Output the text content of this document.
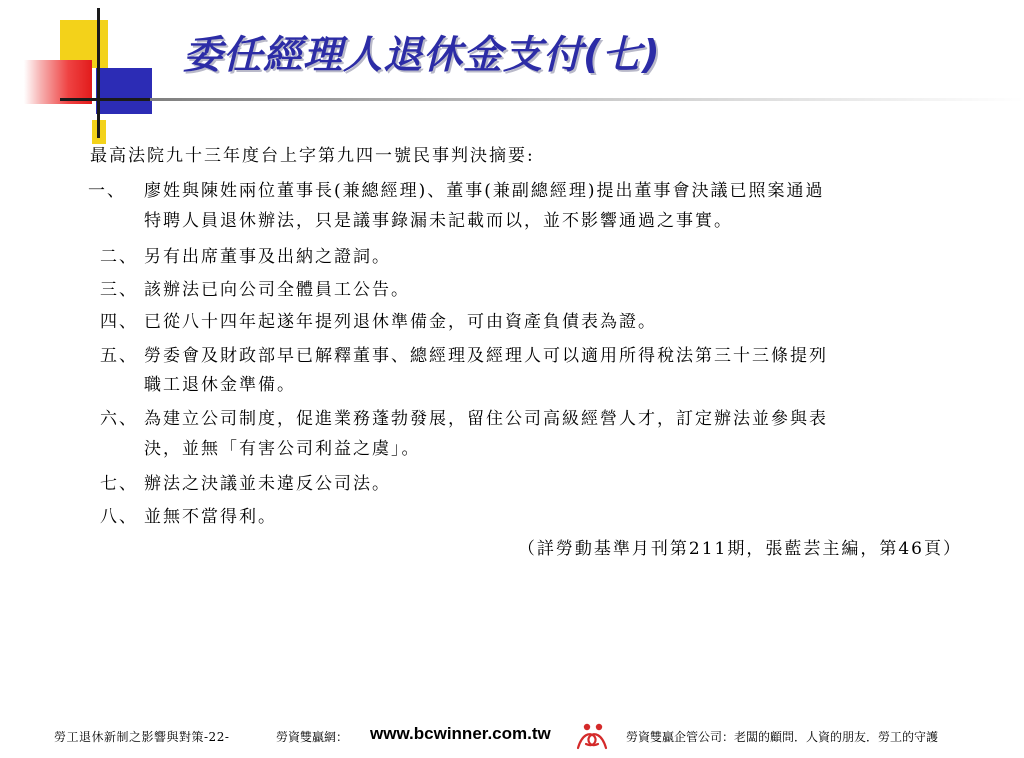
委任經理人退休金支付(七)
最高法院九十三年度台上字第九四一號民事判決摘要:
一、 廖姓與陳姓兩位董事長(兼總經理)、董事(兼副總經理)提出董事會決議已照案通過
特聘人員退休辦法，只是議事錄漏未記載而以，並不影響通過之事實。
二、 另有出席董事及出納之證詞。
三、 該辦法已向公司全體員工公告。
四、 已從八十四年起遂年提列退休準備金，可由資產負債表為證。
五、 勞委會及財政部早已解釋董事、總經理及經理人可以適用所得稅法第三十三條提列
職工退休金準備。
六、 為建立公司制度，促進業務蓬勃發展，留住公司高級經營人才，訂定辦法並參與表
決，並無「有害公司利益之虞」。
七、 辦法之決議並未違反公司法。
八、 並無不當得利。
（詳勞動基準月刊第211期，張藍芸主編，第46頁）
勞工退休新制之影響與對策-22-	勞資雙贏網： www.bcwinner.com.tw	勞資雙贏企管公司：老闆的顧問．人資的朋友．勞工的守護
